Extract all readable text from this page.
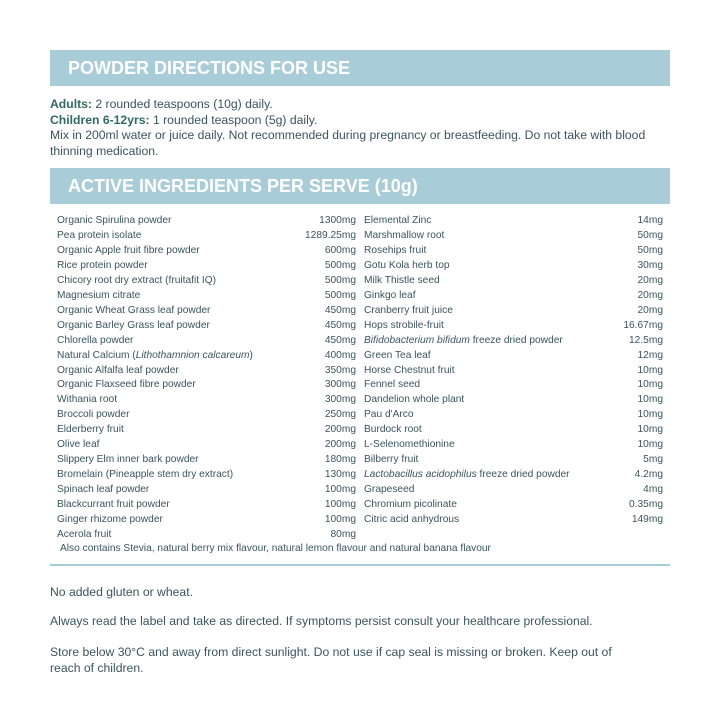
POWDER DIRECTIONS FOR USE
Adults: 2 rounded teaspoons (10g) daily.
Children 6-12yrs: 1 rounded teaspoon (5g) daily.
Mix in 200ml water or juice daily. Not recommended during pregnancy or breastfeeding. Do not take with blood thinning medication.
ACTIVE INGREDIENTS PER SERVE (10g)
Organic Spirulina powder	1300mg
Pea protein isolate	1289.25mg
Organic Apple fruit fibre powder	600mg
Rice protein powder	500mg
Chicory root dry extract (fruitafit IQ)	500mg
Magnesium citrate	500mg
Organic Wheat Grass leaf powder	450mg
Organic Barley Grass leaf powder	450mg
Chlorella powder	450mg
Natural Calcium (Lithothamnion calcareum)	400mg
Organic Alfalfa leaf powder	350mg
Organic Flaxseed fibre powder	300mg
Withania root	300mg
Broccoli powder	250mg
Elderberry fruit	200mg
Olive leaf	200mg
Slippery Elm inner bark powder	180mg
Bromelain (Pineapple stem dry extract)	130mg
Spinach leaf powder	100mg
Blackcurrant fruit powder	100mg
Ginger rhizome powder	100mg
Acerola fruit	80mg
Elemental Zinc	14mg
Marshmallow root	50mg
Rosehips fruit	50mg
Gotu Kola herb top	30mg
Milk Thistle seed	20mg
Ginkgo leaf	20mg
Cranberry fruit juice	20mg
Hops strobile-fruit	16.67mg
Bifidobacterium bifidum freeze dried powder	12.5mg
Green Tea leaf	12mg
Horse Chestnut fruit	10mg
Fennel seed	10mg
Dandelion whole plant	10mg
Pau d'Arco	10mg
Burdock root	10mg
L-Selenomethionine	10mg
Bilberry fruit	5mg
Lactobacillus acidophilus freeze dried powder	4.2mg
Grapeseed	4mg
Chromium picolinate	0.35mg
Citric acid anhydrous	149mg
Also contains Stevia, natural berry mix flavour, natural lemon flavour and natural banana flavour
No added gluten or wheat.
Always read the label and take as directed. If symptoms persist consult your healthcare professional.
Store below 30°C and away from direct sunlight. Do not use if cap seal is missing or broken. Keep out of reach of children.
